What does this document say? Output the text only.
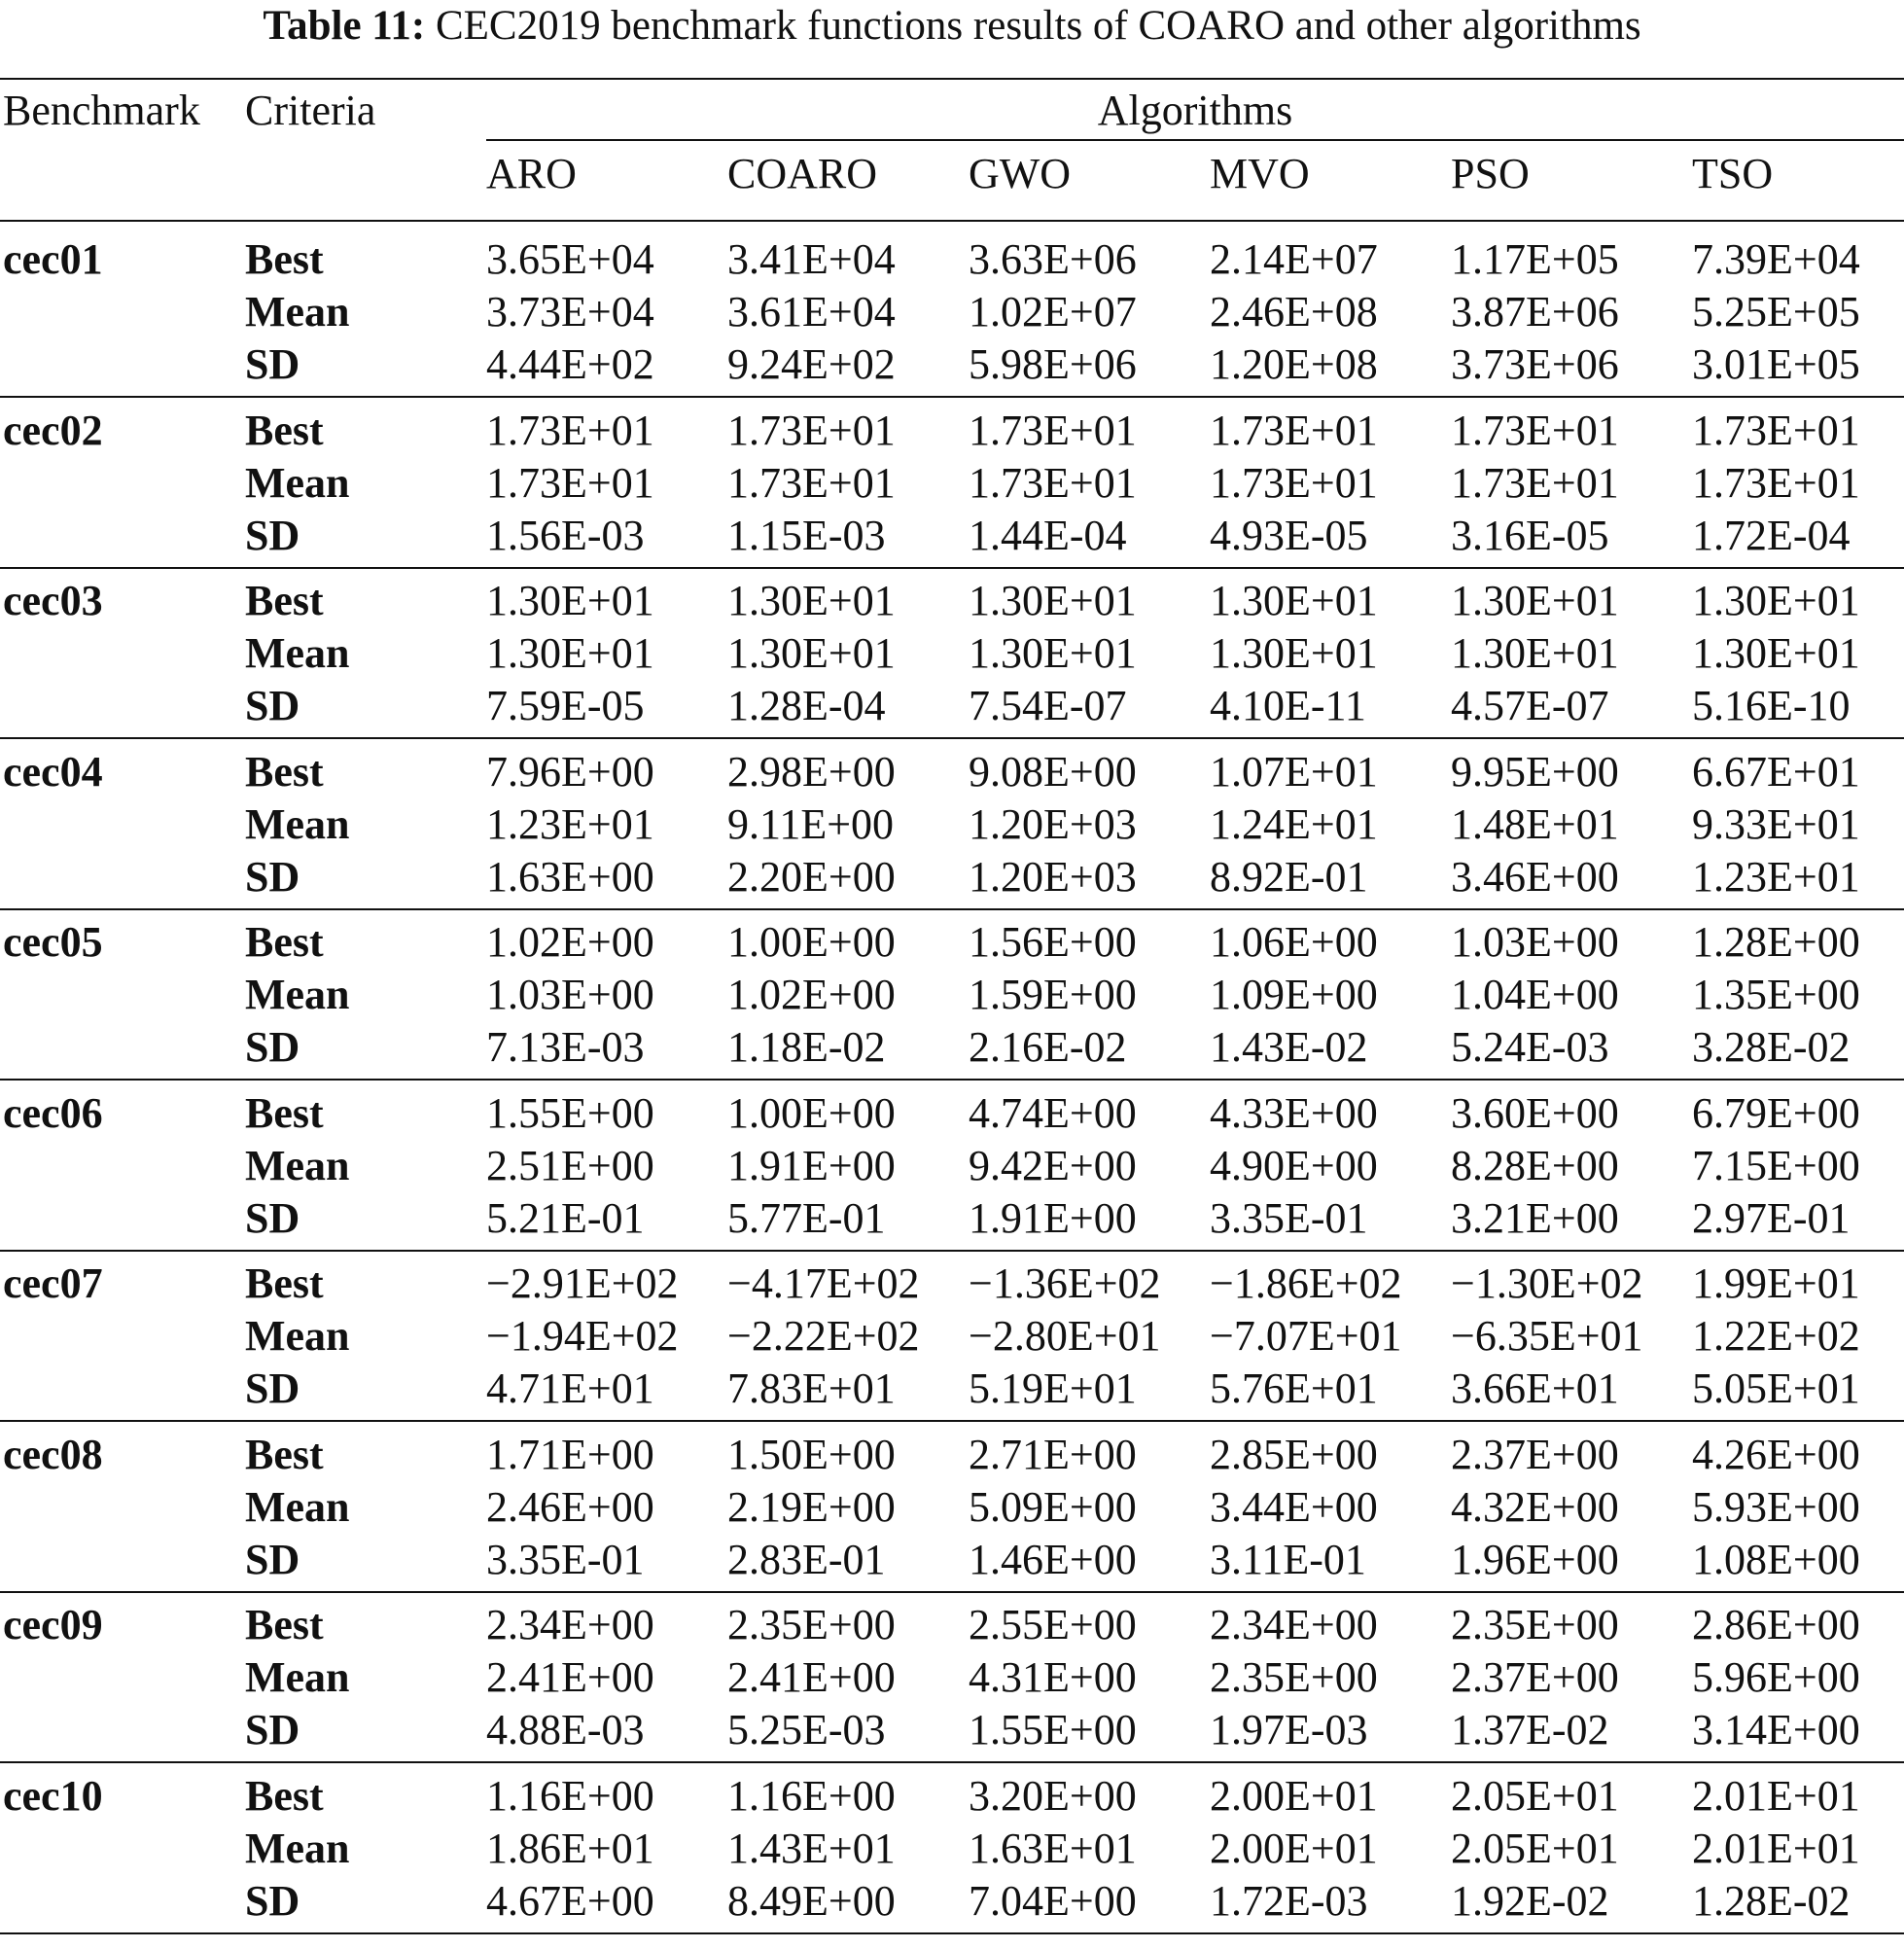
Table 11: CEC2019 benchmark functions results of COARO and other algorithms
Benchmark Criteria	Algorithms
ARO	COARO GWO	MVO	PSO	TSO
cec01	Best	3.65E+04 3.41E+04 3.63E+06 2.14E+07 1.17E+05 7.39E+04
Mean	3.73E+04 3.61E+04 1.02E+07 2.46E+08 3.87E+06 5.25E+05
SD	4.44E+02 9.24E+02 5.98E+06 1.20E+08 3.73E+06 3.01E+05
cec02	Best	1.73E+01 1.73E+01 1.73E+01 1.73E+01 1.73E+01 1.73E+01
Mean	1.73E+01 1.73E+01 1.73E+01 1.73E+01 1.73E+01 1.73E+01
SD	1.56E-03 1.15E-03 1.44E-04 4.93E-05 3.16E-05 1.72E-04
cec03	Best	1.30E+01 1.30E+01 1.30E+01 1.30E+01 1.30E+01 1.30E+01
Mean	1.30E+01 1.30E+01 1.30E+01 1.30E+01 1.30E+01 1.30E+01
SD	7.59E-05 1.28E-04 7.54E-07 4.10E-11 4.57E-07 5.16E-10
cec04	Best	7.96E+00 2.98E+00 9.08E+00 1.07E+01 9.95E+00 6.67E+01
Mean	1.23E+01 9.11E+00 1.20E+03 1.24E+01 1.48E+01 9.33E+01
SD	1.63E+00 2.20E+00 1.20E+03 8.92E-01 3.46E+00 1.23E+01
cec05	Best	1.02E+00 1.00E+00 1.56E+00 1.06E+00 1.03E+00 1.28E+00
Mean	1.03E+00 1.02E+00 1.59E+00 1.09E+00 1.04E+00 1.35E+00
SD	7.13E-03 1.18E-02 2.16E-02 1.43E-02 5.24E-03 3.28E-02
cec06	Best	1.55E+00 1.00E+00 4.74E+00 4.33E+00 3.60E+00 6.79E+00
Mean	2.51E+00 1.91E+00 9.42E+00 4.90E+00 8.28E+00 7.15E+00
SD	5.21E-01 5.77E-01 1.91E+00 3.35E-01 3.21E+00 2.97E-01
cec07	Best	−2.91E+02 −4.17E+02 −1.36E+02 −1.86E+02 −1.30E+02 1.99E+01
Mean	−1.94E+02 −2.22E+02 −2.80E+01 −7.07E+01 −6.35E+01 1.22E+02
SD	4.71E+01 7.83E+01 5.19E+01 5.76E+01 3.66E+01 5.05E+01
cec08	Best	1.71E+00 1.50E+00 2.71E+00 2.85E+00 2.37E+00 4.26E+00
Mean	2.46E+00 2.19E+00 5.09E+00 3.44E+00 4.32E+00 5.93E+00
SD	3.35E-01 2.83E-01 1.46E+00 3.11E-01 1.96E+00 1.08E+00
cec09	Best	2.34E+00 2.35E+00 2.55E+00 2.34E+00 2.35E+00 2.86E+00
Mean	2.41E+00 2.41E+00 4.31E+00 2.35E+00 2.37E+00 5.96E+00
SD	4.88E-03 5.25E-03 1.55E+00 1.97E-03 1.37E-02 3.14E+00
cec10	Best	1.16E+00 1.16E+00 3.20E+00 2.00E+01 2.05E+01 2.01E+01
Mean	1.86E+01 1.43E+01 1.63E+01 2.00E+01 2.05E+01 2.01E+01
SD	4.67E+00 8.49E+00 7.04E+00 1.72E-03 1.92E-02 1.28E-02
